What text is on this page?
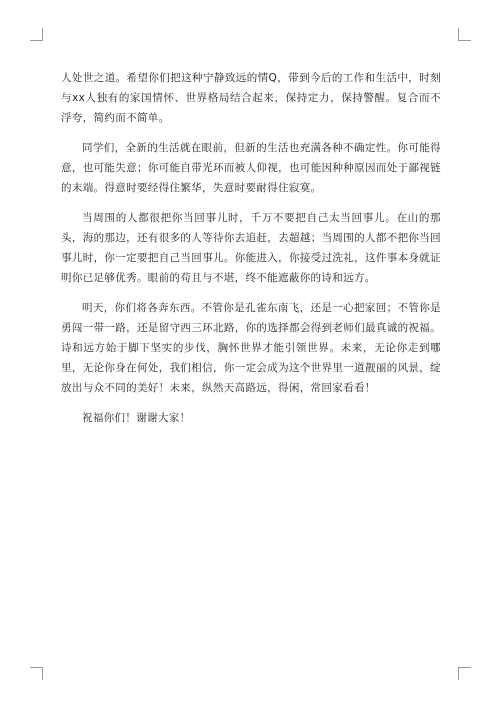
人处世之道。希望你们把这种宁静致远的情Q，带到今后的工作和生活中，时刻与xx人独有的家国情怀、世界格局结合起来，保持定力，保持警醒。复合而不浮夸，简约而不简单。

同学们，全新的生活就在眼前，但新的生活也充满各种不确定性。你可能得意，也可能失意；你可能自带光环而被人仰视，也可能因种种原因而处于鄙视链的末端。得意时要经得住繁华，失意时要耐得住寂寞。

当周围的人都很把你当回事儿时，千万不要把自己太当回事儿。在山的那头，海的那边，还有很多的人等待你去追赶，去超越；当周围的人都不把你当回事儿时，你一定要把自己当回事儿。你能进入，你接受过洗礼，这件事本身就证明你已足够优秀。眼前的苟且与不堪，终不能遮蔽你的诗和远方。

明天，你们将各奔东西。不管你是孔雀东南飞，还是一心把家回；不管你是勇闯一带一路，还是留守西三环北路，你的选择都会得到老师们最真诚的祝福。诗和远方始于脚下坚实的步伐，胸怀世界才能引领世界。未来，无论你走到哪里，无论你身在何处，我们相信，你一定会成为这个世界里一道靓丽的风景，绽放出与众不同的美好！未来，纵然天高路远，得闲，常回家看看！

祝福你们！谢谢大家！
